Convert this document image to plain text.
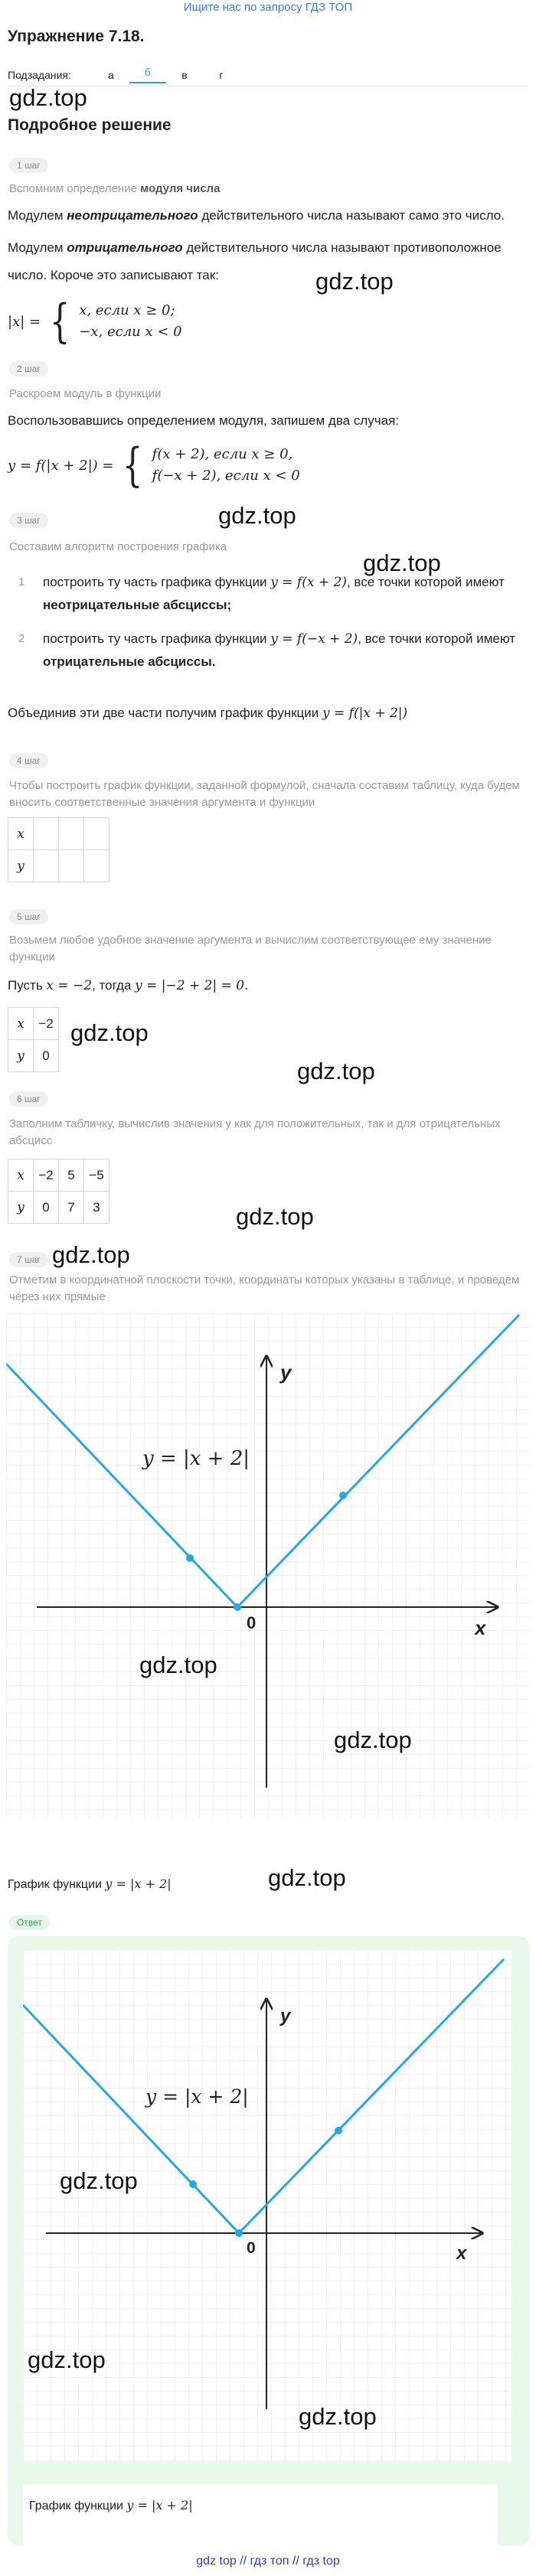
Ищите нас по запросу ГДЗ ТОП
Упражнение 7.18.
Подзадания:	а	б	в	г
gdz.top
Подробное решение
1 шаг
Вспомним определение модуля числа
Модулем неотрицательного действительного числа называют само это число.
Модулем отрицательного действительного числа называют противоположное число. Короче это записывают так:	gdz.top
|x| = { x, если x ≥ 0;
−x, если x < 0
2 шаг
Раскроем модуль в функции
Воспользовавшись определением модуля, запишем два случая:
y = f(|x + 2|) = { f(x + 2), если x ≥ 0,
f(−x + 2), если x < 0
gdz.top
3 шаг
Составим алгоритм построения графика
gdz.top
1 построить ту часть графика функции y = f(x + 2), все точки которой имеют неотрицательные абсциссы;
2 построить ту часть графика функции y = f(−x + 2), все точки которой имеют отрицательные абсциссы.
Объединив эти две части получим график функции y = f(|x + 2|)
4 шаг
Чтобы построить график функции, заданной формулой, сначала составим таблицу, куда будем вносить соответственные значения аргумента и функции
x			
y			
5 шаг
Возьмем любое удобное значение аргумента и вычислим соответствующее ему значение функции
Пусть x = −2, тогда y = |−2 + 2| = 0.
x	−2
y	0
gdz.top
gdz.top
6 шаг
Заполним табличку, вычислив значения y как для положительных, так и для отрицательных абсцисс
x	−2	5	−5
y	0	7	3	gdz.top
7 шаг gdz.top
Отметим в координатной плоскости точки, координаты которых указаны в таблице, и проведем через них прямые
y
x
0
y = |x + 2|
gdz.top
gdz.top
График функции y = |x + 2|	gdz.top
Ответ
y
x
0
y = |x + 2|
gdz.top
gdz.top
gdz.top
График функции y = |x + 2|
gdz top // гдз топ // гдз top
